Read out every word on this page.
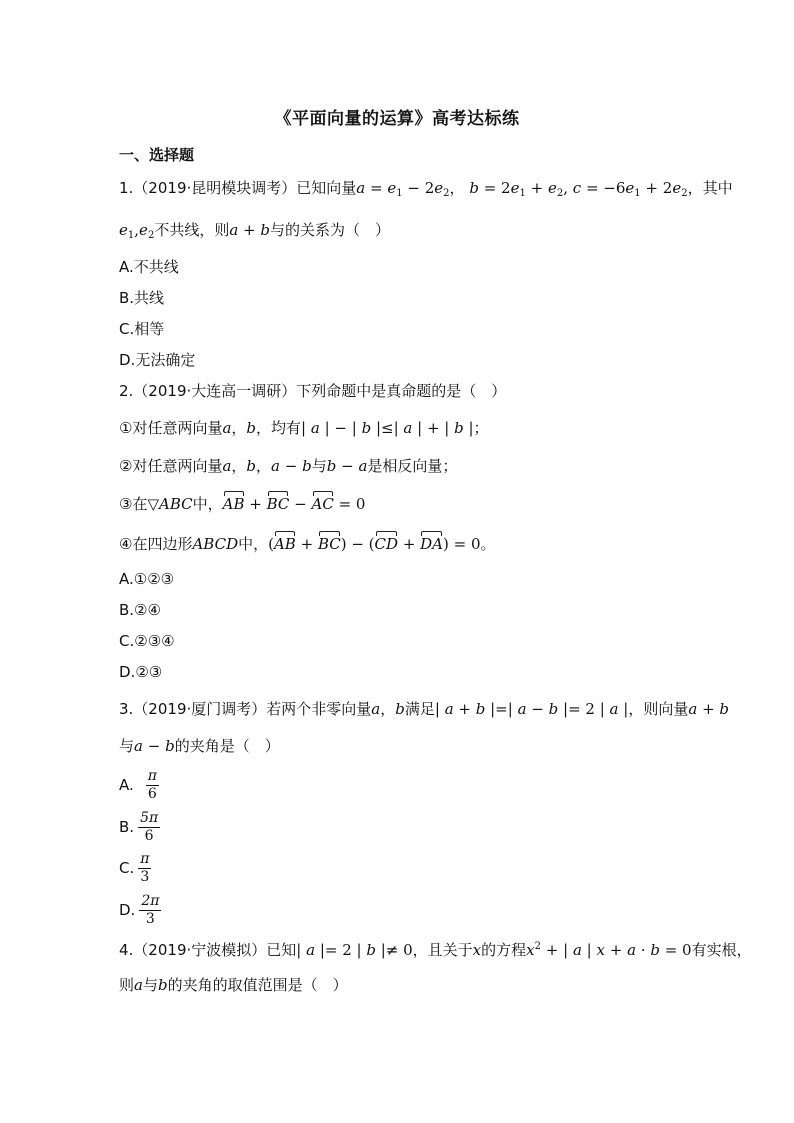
《平面向量的运算》高考达标练
一、选择题
1.（2019·昆明模块调考）已知向量$a = e_1 - 2e_2$， $b = 2e_1 + e_2$, $c = -6e_1 + 2e_2$，其中
$e_1,e_2$不共线，则a + b与的关系为（　）
A.不共线
B.共线
C.相等
D.无法确定
2.（2019·大连高一调研）下列命题中是真命题的是（　）
①对任意两向量a，b，均有| a | − | b |≤| a | + | b |；
②对任意两向量a，b，a − b与b − a是相反向量；
③在▽ABC中，AB + BC − AC = 0
④在四边形ABCD中，(AB + BC) − (CD + DA) = 0。
A.①②③
B.②④
C.②③④
D.②③
3.（2019·厦门调考）若两个非零向量a，b满足| a + b |=| a − b |= 2 | a |，则向量a + b
与a − b的夹角是（　）
A. $\frac{\pi}{6}$
B. $\frac{5\pi}{6}$
C. $\frac{\pi}{3}$
D. $\frac{2\pi}{3}$
4.（2019·宁波模拟）已知| a |= 2 | b |≠ 0，且关于x的方程$x^2$ + | a | x + a · b = 0有实根，
则a与b的夹角的取值范围是（　）
